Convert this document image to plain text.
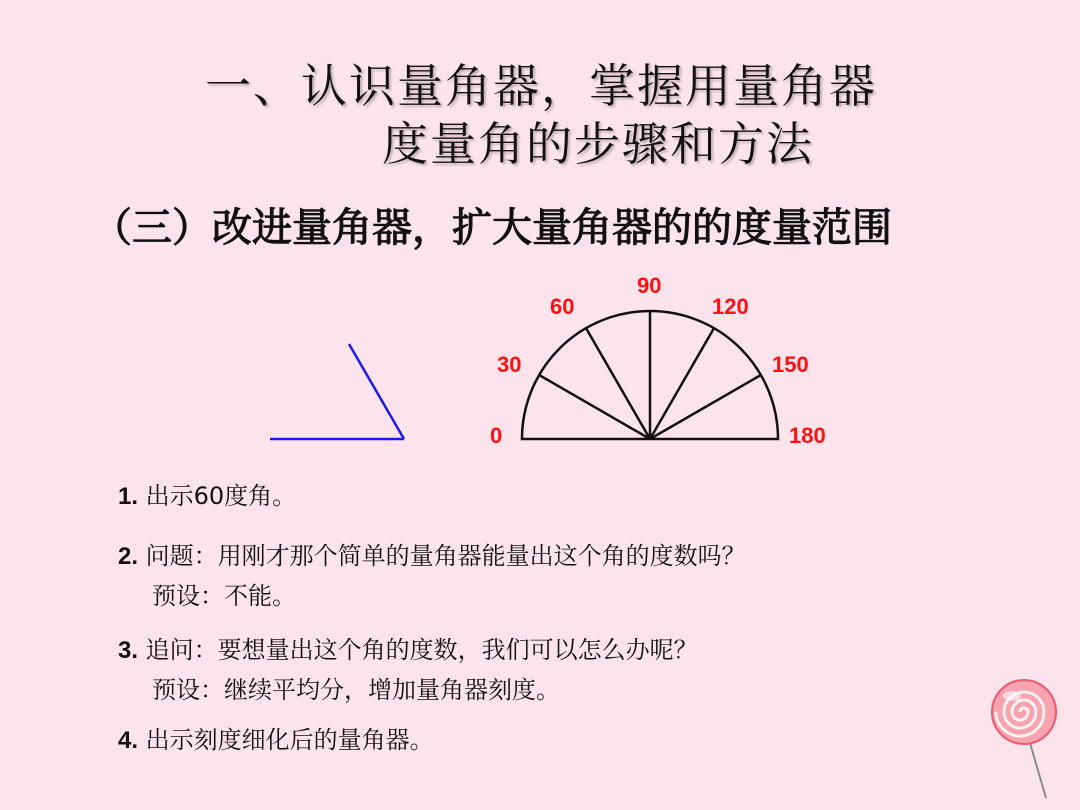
一、认识量角器，掌握用量角器
度量角的步骤和方法
（三）改进量角器，扩大量角器的的度量范围
0
30
60
90
120
150
180
1. 出示60度角。
2. 问题：用刚才那个简单的量角器能量出这个角的度数吗？
预设：不能。
3. 追问：要想量出这个角的度数，我们可以怎么办呢？
预设：继续平均分，增加量角器刻度。
4. 出示刻度细化后的量角器。
